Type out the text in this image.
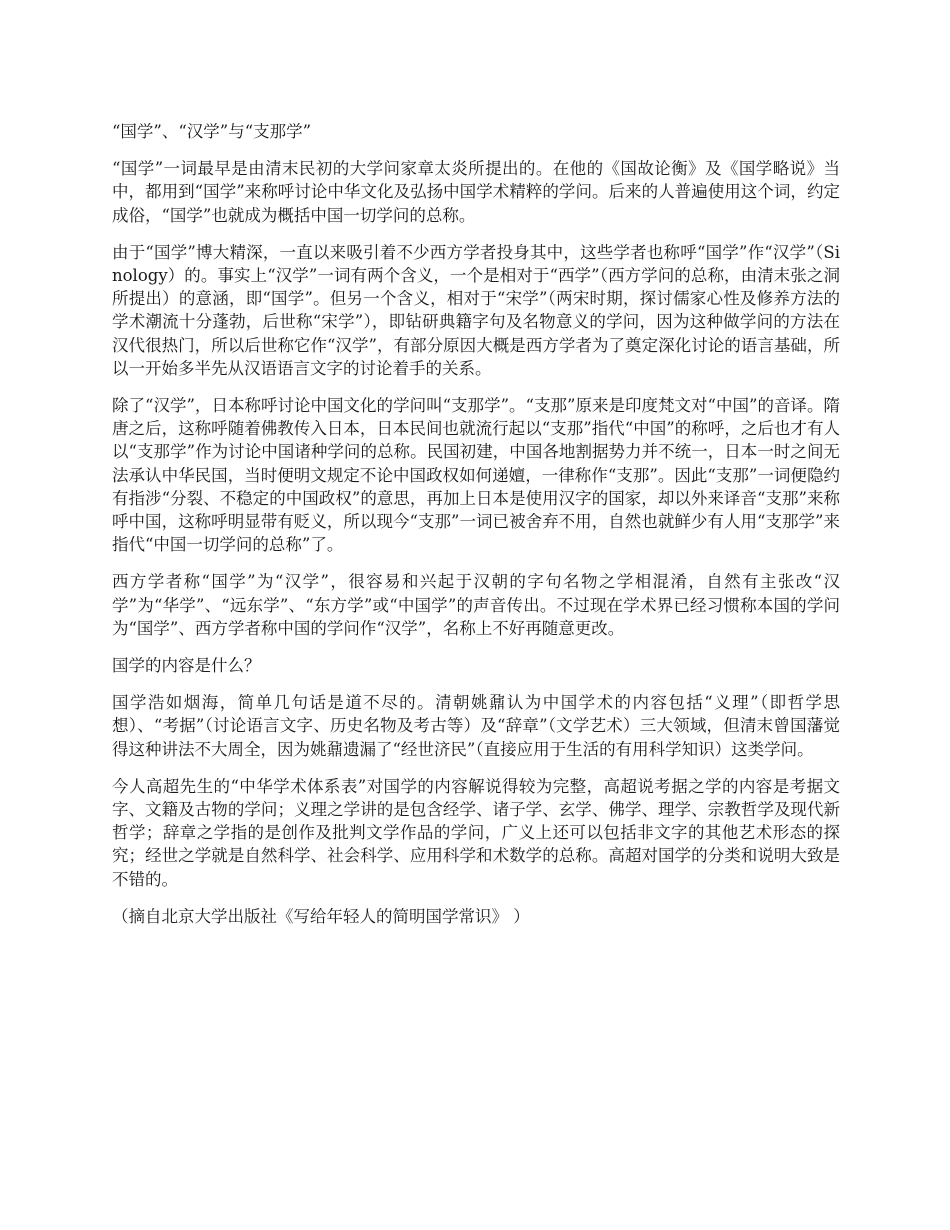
“国学”、“汉学”与“支那学”

“国学”一词最早是由清末民初的大学问家章太炎所提出的。在他的《国故论衡》及《国学略说》当中，都用到“国学”来称呼讨论中华文化及弘扬中国学术精粹的学问。后来的人普遍使用这个词，约定成俗，“国学”也就成为概括中国一切学问的总称。

由于“国学”博大精深，一直以来吸引着不少西方学者投身其中，这些学者也称呼“国学”作“汉学”（Sinology）的。事实上“汉学”一词有两个含义，一个是相对于“西学”（西方学问的总称，由清末张之洞所提出）的意涵，即“国学”。但另一个含义，相对于“宋学”（两宋时期，探讨儒家心性及修养方法的学术潮流十分蓬勃，后世称“宋学”），即钻研典籍字句及名物意义的学问，因为这种做学问的方法在汉代很热门，所以后世称它作“汉学”，有部分原因大概是西方学者为了奠定深化讨论的语言基础，所以一开始多半先从汉语语言文字的讨论着手的关系。

除了“汉学”，日本称呼讨论中国文化的学问叫“支那学”。“支那”原来是印度梵文对“中国”的音译。隋唐之后，这称呼随着佛教传入日本，日本民间也就流行起以“支那”指代“中国”的称呼，之后也才有人以“支那学”作为讨论中国诸种学问的总称。民国初建，中国各地割据势力并不统一，日本一时之间无法承认中华民国，当时便明文规定不论中国政权如何递嬗，一律称作“支那”。因此“支那”一词便隐约有指涉“分裂、不稳定的中国政权”的意思，再加上日本是使用汉字的国家，却以外来译音“支那”来称呼中国，这称呼明显带有贬义，所以现今“支那”一词已被舍弃不用，自然也就鲜少有人用“支那学”来指代“中国一切学问的总称”了。

西方学者称“国学”为“汉学”，很容易和兴起于汉朝的字句名物之学相混淆，自然有主张改“汉学”为“华学”、“远东学”、“东方学”或“中国学”的声音传出。不过现在学术界已经习惯称本国的学问为“国学”、西方学者称中国的学问作“汉学”，名称上不好再随意更改。

国学的内容是什么？

国学浩如烟海，简单几句话是道不尽的。清朝姚鼐认为中国学术的内容包括“义理”（即哲学思想）、“考据”（讨论语言文字、历史名物及考古等）及“辞章”（文学艺术）三大领域，但清末曾国藩觉得这种讲法不大周全，因为姚鼐遗漏了“经世济民”（直接应用于生活的有用科学知识）这类学问。

今人高超先生的“中华学术体系表”对国学的内容解说得较为完整，高超说考据之学的内容是考据文字、文籍及古物的学问；义理之学讲的是包含经学、诸子学、玄学、佛学、理学、宗教哲学及现代新哲学；辞章之学指的是创作及批判文学作品的学问，广义上还可以包括非文字的其他艺术形态的探究；经世之学就是自然科学、社会科学、应用科学和术数学的总称。高超对国学的分类和说明大致是不错的。

（摘自北京大学出版社《写给年轻人的简明国学常识》 ）
